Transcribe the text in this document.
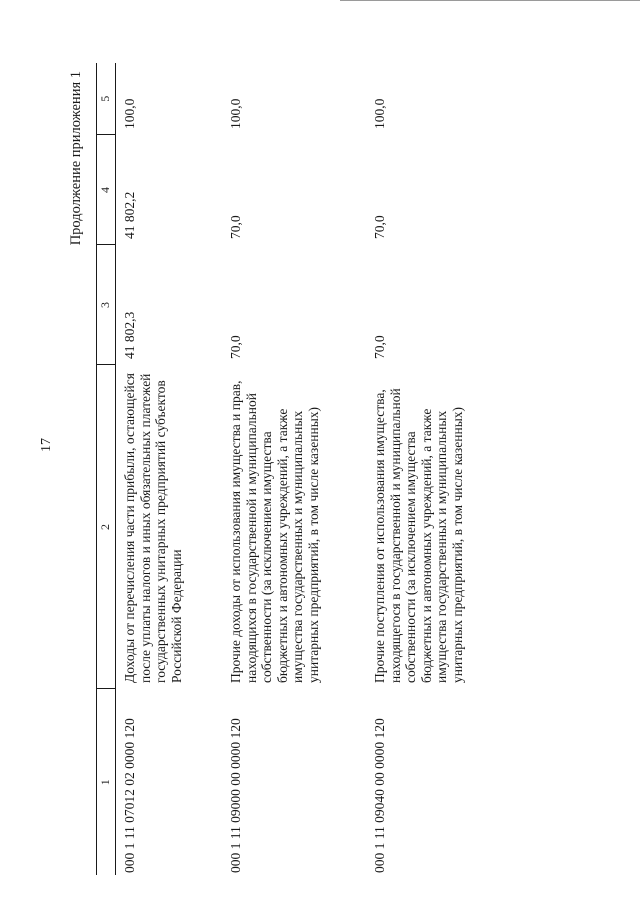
17
Продолжение приложения 1
1	2	3	4	5
000 1 11 07012 02 0000 120	Доходы от перечисления части прибыли, остающейся после уплаты налогов и иных обязательных платежей государственных унитарных предприятий субъектов Российской Федерации	41 802,3	41 802,2	100,0
000 1 11 09000 00 0000 120	Прочие доходы от использования имущества и прав, находящихся в государственной и муниципальной собственности (за исключением имущества бюджетных и автономных учреждений, а также имущества государственных и муниципальных унитарных предприятий, в том числе казенных)	70,0	70,0	100,0
000 1 11 09040 00 0000 120	Прочие поступления от использования имущества, находящегося в государственной и муниципальной собственности (за исключением имущества бюджетных и автономных учреждений, а также имущества государственных и муниципальных унитарных предприятий, в том числе казенных)	70,0	70,0	100,0
